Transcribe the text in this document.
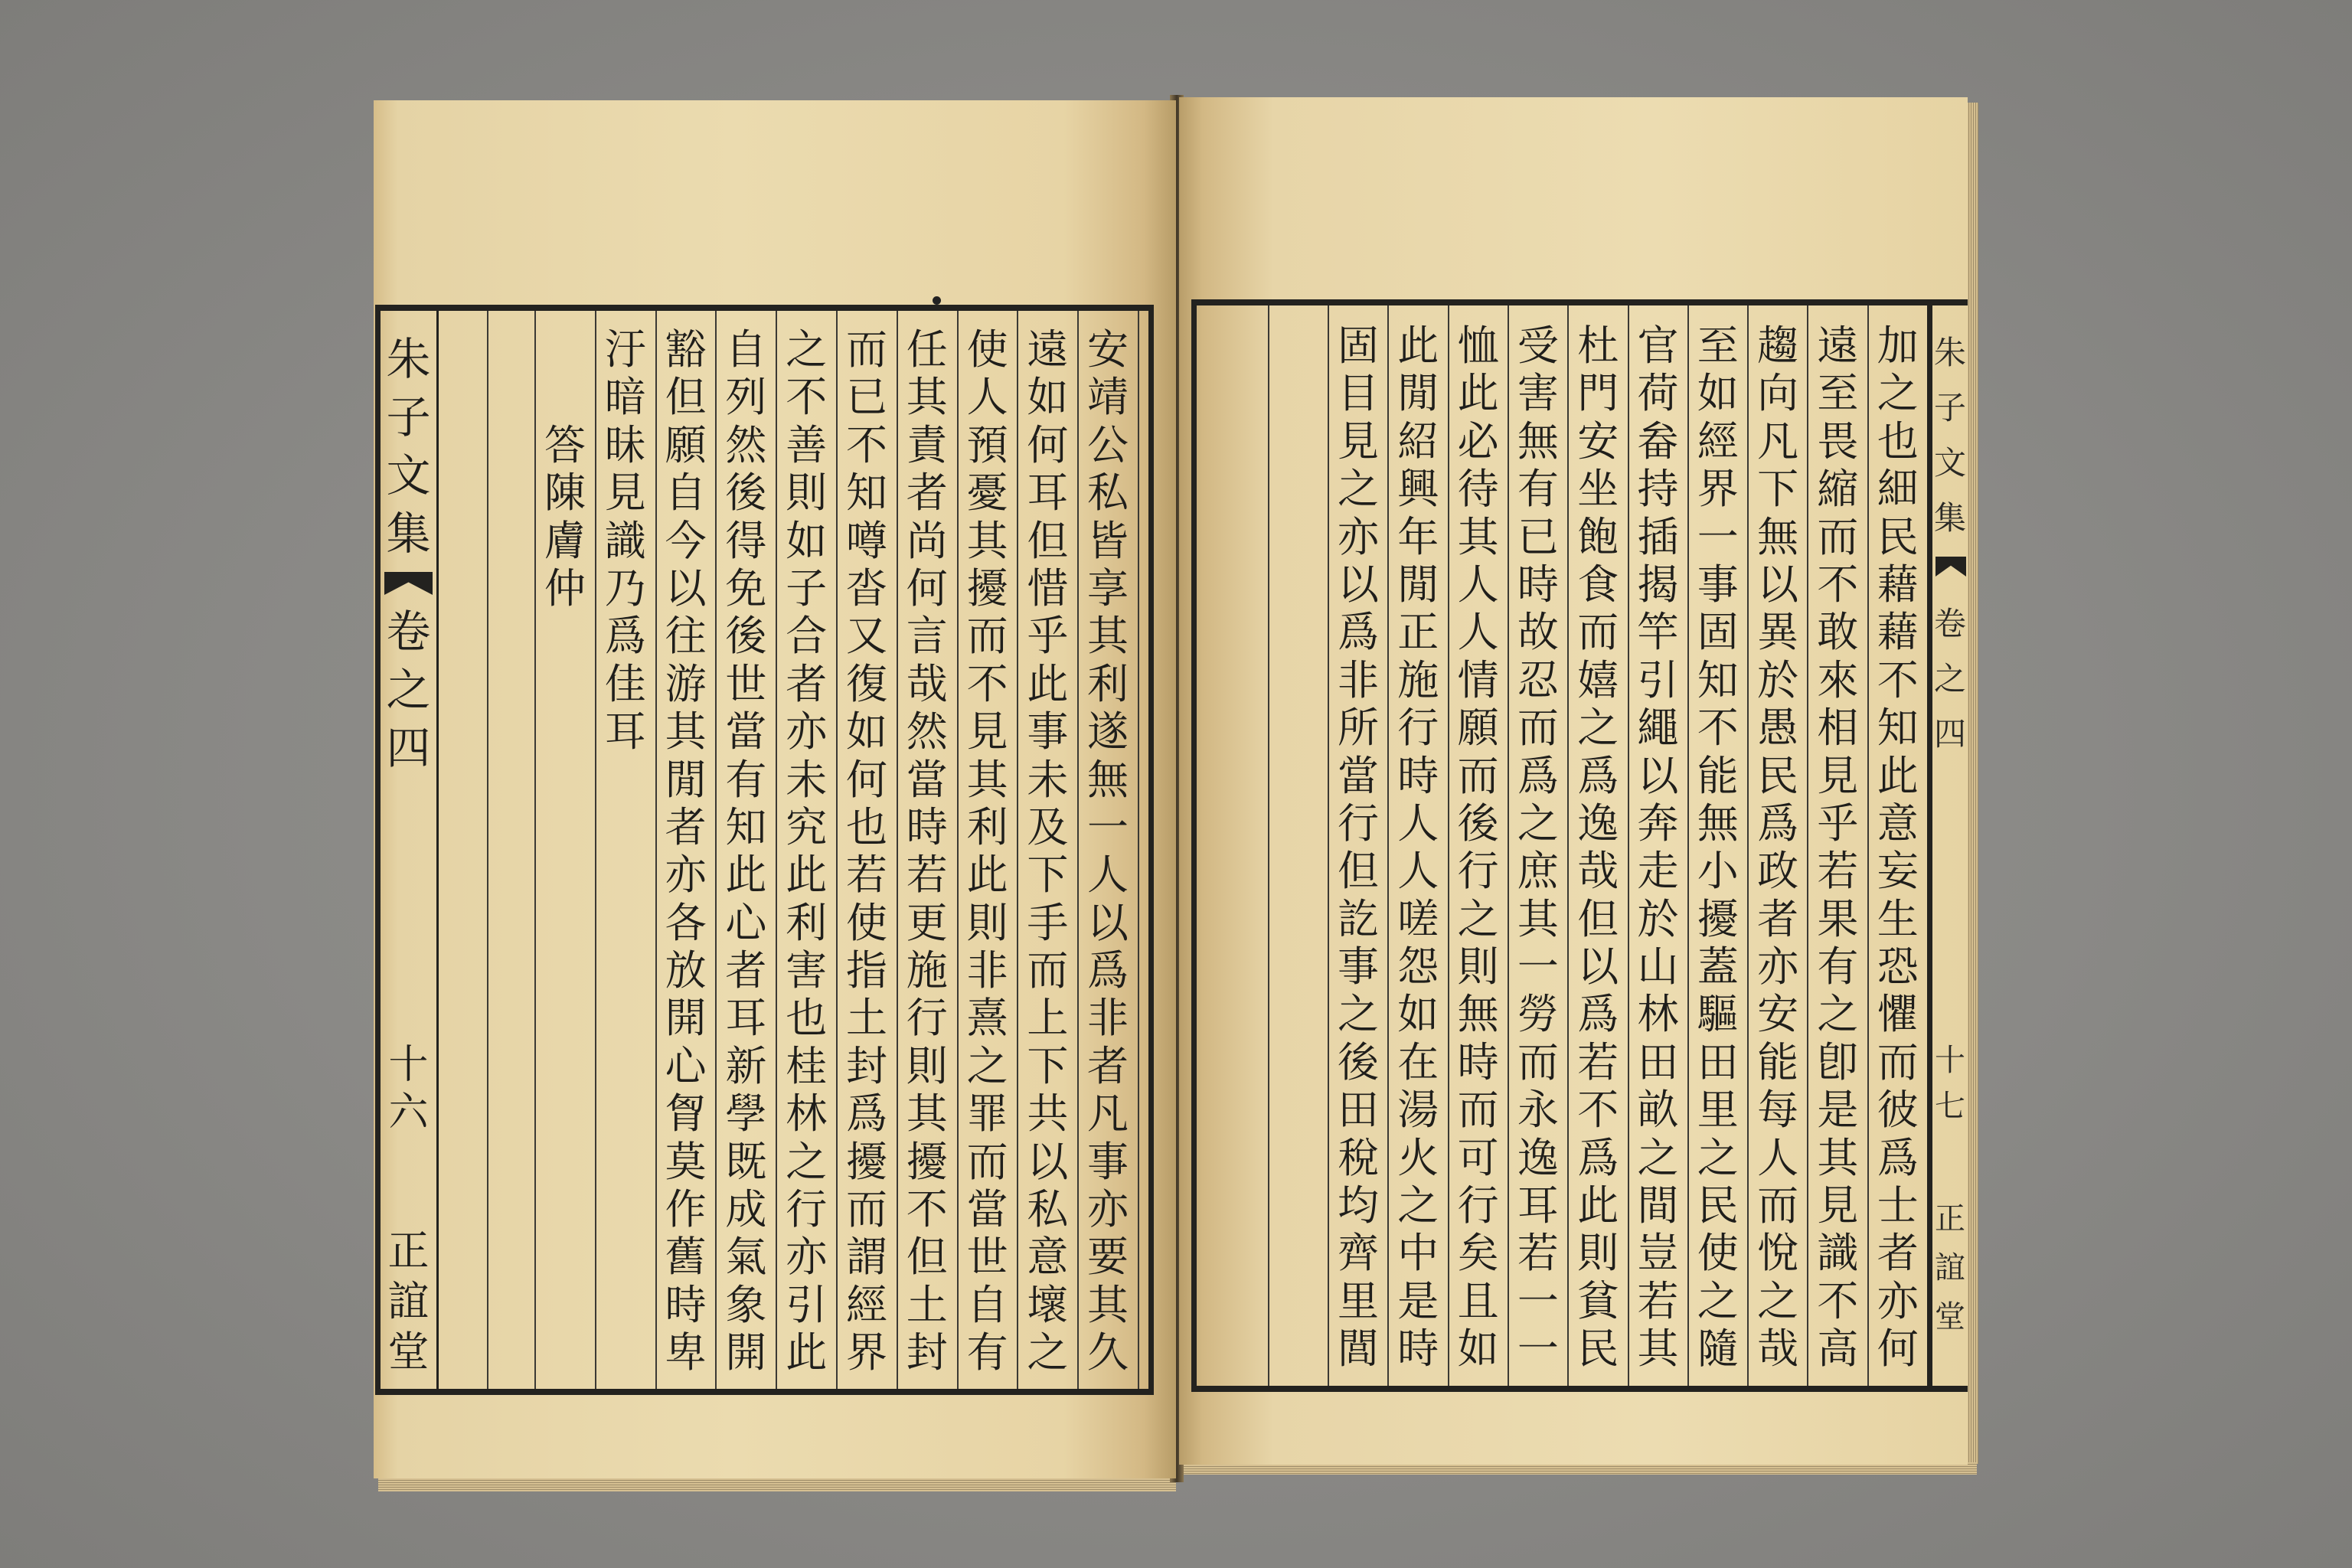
朱
子
文
集
卷
之
四
十
六
正
誼
堂
安
靖
公
私
皆
享
其
利
遂
無
一
人
以
爲
非
者
凡
事
亦
要
其
久
遠
如
何
耳
但
惜
乎
此
事
未
及
下
手
而
上
下
共
以
私
意
壞
之
使
人
預
憂
其
擾
而
不
見
其
利
此
則
非
熹
之
罪
而
當
世
自
有
任
其
責
者
尚
何
言
哉
然
當
時
若
更
施
行
則
其
擾
不
但
土
封
而
已
不
知
噂
沓
又
復
如
何
也
若
使
指
土
封
爲
擾
而
謂
經
界
之
不
善
則
如
子
合
者
亦
未
究
此
利
害
也
桂
林
之
行
亦
引
此
自
列
然
後
得
免
後
世
當
有
知
此
心
者
耳
新
學
既
成
氣
象
開
豁
但
願
自
今
以
往
游
其
閒
者
亦
各
放
開
心
胷
莫
作
舊
時
卑
汙
暗
昧
見
識
乃
爲
佳
耳
答
陳
膚
仲
朱
子
文
集
卷
之
四
十
七
正
誼
堂
加
之
也
細
民
藉
藉
不
知
此
意
妄
生
恐
懼
而
彼
爲
士
者
亦
何
遠
至
畏
縮
而
不
敢
來
相
見
乎
若
果
有
之
卽
是
其
見
識
不
高
趨
向
凡
下
無
以
異
於
愚
民
爲
政
者
亦
安
能
每
人
而
悅
之
哉
至
如
經
界
一
事
固
知
不
能
無
小
擾
蓋
驅
田
里
之
民
使
之
隨
官
荷
畚
持
插
揭
竿
引
繩
以
奔
走
於
山
林
田
畝
之
間
豈
若
其
杜
門
安
坐
飽
食
而
嬉
之
爲
逸
哉
但
以
爲
若
不
爲
此
則
貧
民
受
害
無
有
已
時
故
忍
而
爲
之
庶
其
一
勞
而
永
逸
耳
若
一
一
恤
此
必
待
其
人
人
情
願
而
後
行
之
則
無
時
而
可
行
矣
且
如
此
閒
紹
興
年
閒
正
施
行
時
人
人
嗟
怨
如
在
湯
火
之
中
是
時
固
目
見
之
亦
以
爲
非
所
當
行
但
訖
事
之
後
田
稅
均
齊
里
閭
